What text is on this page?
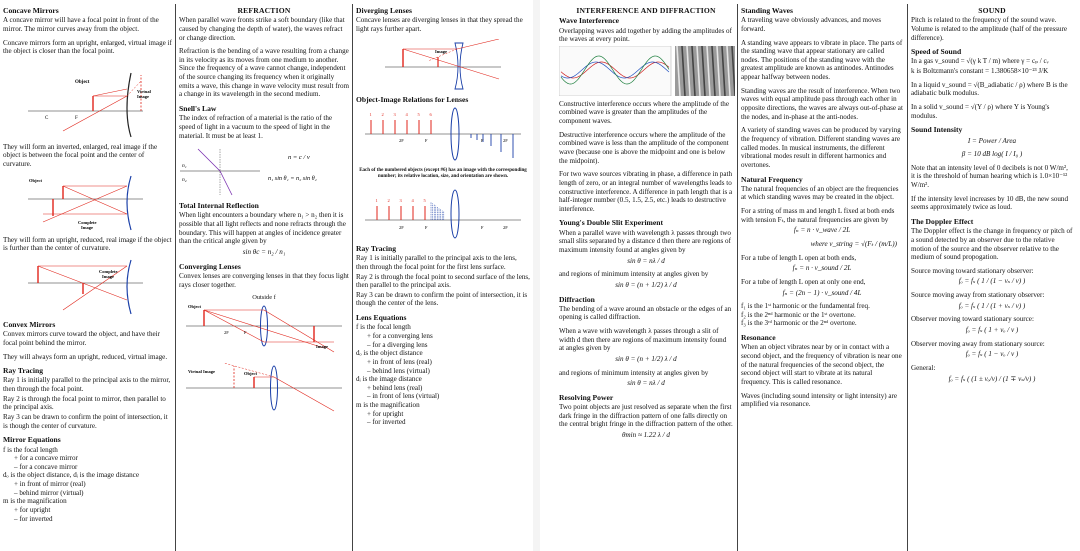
Concave Mirrors

A concave mirror will have a focal point in front of the mirror. The mirror curves away from the object.

Concave mirrors form an upright, enlarged, virtual image if the object is closer than the focal point.

Object
Virtual
Image
C	F

They will form an inverted, enlarged, real image if the object is between the focal point and the center of curvature.

Object
Complete
Image

They will form an upright, reduced, real image if the object is further than the center of curvature.

Complete
Image
Convex Mirrors

Convex mirrors curve toward the object, and have their focal point behind the mirror.

They will always form an upright, reduced, virtual image.

Ray Tracing

Ray 1 is initially parallel to the principal axis to the mirror, then through the focal point.

Ray 2 is through the focal point to mirror, then parallel to the principal axis.

Ray 3 can be drawn to confirm the point of intersection, it is though the center of curvature.

Mirror Equations
f is the focal length
+ for a concave mirror
– for a concave mirror
dₒ is the object distance, dᵢ is the image distance
+ in front of mirror (real)
– behind mirror (virtual)
m is the magnification
+ for upright
– for inverted
REFRACTION

When parallel wave fronts strike a soft boundary (like that caused by changing the depth of water), the waves refract or change direction.

Refraction is the bending of a wave resulting from a change in its velocity as its moves from one medium to another. Since the frequency of a wave cannot change, independent of the source changing its frequency when it originally emits a wave, this change in wave velocity must result from a change in its wavelength in the second medium.

Snell's Law

The index of refraction of a material is the ratio of the speed of light in a vacuum to the speed of light in the material. It must be at least 1.

n₁
n₂
n = c / v
n₁ sin θ₁ = n₂ sin θ₂
Total Internal Reflection

When light encounters a boundary where n₁ > n₂ then it is possible that all light reflects and none refracts through the boundary. This will happen at angles of incidence greater than the critical angle given by

sin θc = n₂ / n₁
Converging Lenses

Convex lenses are converging lenses in that they focus light rays closer together.

Outside f
Object
Image
2F	F
Virtual Image	Object
Diverging Lenses

Concave lenses are diverging lenses in that they spread the light rays further apart.

Image
Object-Image Relations for Lenses
1 2 3 4 5 6
2F	F	F	2F
Each of the numbered objects (except #6) has an image with the corresponding number; its relative location, size, and orientation are shown.
1 2 3 4 5
2F	F	F	2F
Ray Tracing

Ray 1 is initially parallel to the principal axis to the lens, then through the focal point for the first lens surface.

Ray 2 is through the focal point to second surface of the lens, then parallel to the principal axis.

Ray 3 can be drawn to confirm the point of intersection, it is though the center of the lens.

Lens Equations
f is the focal length
+ for a converging lens
– for a diverging lens
dₒ is the object distance
+ in front of lens (real)
– behind lens (virtual)
dᵢ is the image distance
+ behind lens (real)
– in front of lens (virtual)
m is the magnification
+ for upright
– for inverted
INTERFERENCE AND DIFFRACTION
Wave Interference

Overlapping waves add together by adding the amplitudes of the waves at every point.

Constructive interference occurs where the amplitude of the combined wave is greater than the amplitudes of the component waves.

Destructive interference occurs where the amplitude of the combined wave is less than the amplitude of the component wave (because one is above the midpoint and one is below the midpoint).

For two wave sources vibrating in phase, a difference in path length of zero, or an integral number of wavelengths leads to constructive interference. A difference in path length that is a half-integer number (0.5, 1.5, 2.5, etc.) leads to destructive interference.

Young's Double Slit Experiment

When a parallel wave with wavelength λ passes through two small slits separated by a distance d then there are regions of maximum intensity found at angles given by

sin θ = nλ / d

and regions of minimum intensity at angles given by

sin θ = (n + 1/2) λ / d
Diffraction

The bending of a wave around an obstacle or the edges of an opening is called diffraction.

When a wave with wavelength λ passes through a slit of width d then there are regions of maximum intensity found at angles given by

sin θ = (n + 1/2) λ / d

and regions of minimum intensity at angles given by

sin θ = nλ / d
Resolving Power

Two point objects are just resolved as separate when the first dark fringe in the diffraction pattern of one falls directly on the central bright fringe in the diffraction pattern of the other.

θmin ≈ 1.22 λ / d
Standing Waves

A traveling wave obviously advances, and moves forward.

A standing wave appears to vibrate in place. The parts of the standing wave that appear stationary are called nodes. The positions of the standing wave with the greatest amplitude are known as antinodes. Antinodes appear halfway between nodes.

Standing waves are the result of interference. When two waves with equal amplitude pass through each other in opposite directions, the waves are always out-of-phase at the nodes, and in-phase at the anti-nodes.

A variety of standing waves can be produced by varying the frequency of vibration. Different standing waves are called modes. In musical instruments, the different vibrational modes result in different harmonics and overtones.

Natural Frequency

The natural frequencies of an object are the frequencies at which standing waves may be created in the object.

For a string of mass m and length L fixed at both ends with tension Fₜ, the natural frequencies are given by

fₙ = n · v_wave / 2L
where v_string = √(Fₜ / (m/L))

For a tube of length L open at both ends,

fₙ = n · v_sound / 2L

For a tube of length L open at only one end,

fₙ = (2n − 1) · v_sound / 4L
f₁ is the 1ˢᵗ harmonic or the fundamental freq.
f₂ is the 2ⁿᵈ harmonic or the 1ˢᵗ overtone.

f₃ is the 3ʳᵈ harmonic or the 2ⁿᵈ overtone.

Resonance

When an object vibrates near by or in contact with a second object, and the frequency of vibration is near one of the natural frequencies of the second object, the second object will start to vibrate at its natural frequency. This is called resonance.

Waves (including sound intensity or light intensity) are amplified via resonance.

SOUND

Pitch is related to the frequency of the sound wave. Volume is related to the amplitude (half of the pressure difference).

Speed of Sound

In a gas v_sound = √(γ k T / m) where γ = cₚ / cᵥ

k is Boltzmann's constant = 1.380658×10⁻²³ J/K

In a liquid v_sound = √(B_adiabatic / ρ) where B is the adiabatic bulk modulus.

In a solid v_sound = √(Y / ρ) where Y is Young's modulus.

Sound Intensity
I = Power / Area
β = 10 dB log( I / I₀ )

Note that an intensity level of 0 decibels is not 0 W/m², it is the threshold of human hearing which is 1.0×10⁻¹² W/m².

If the intensity level increases by 10 dB, the new sound seems approximately twice as loud.

The Doppler Effect

The Doppler effect is the change in frequency or pitch of a sound detected by an observer due to the relative motion of the source and the observer relative to the medium of sound propogation.

Source moving toward stationary observer:
fₒ = fₛ ( 1 / (1 − vₛ / v) )
Source moving away from stationary observer:
fₒ = fₛ ( 1 / (1 + vₛ / v) )
Observer moving toward stationary source:
fₒ = fₛ ( 1 + vₒ / v )
Observer moving away from stationary source:
fₒ = fₛ ( 1 − vₒ / v )
General:
fₒ = fₛ ( (1 ± vₒ/v) / (1 ∓ vₛ/v) )
